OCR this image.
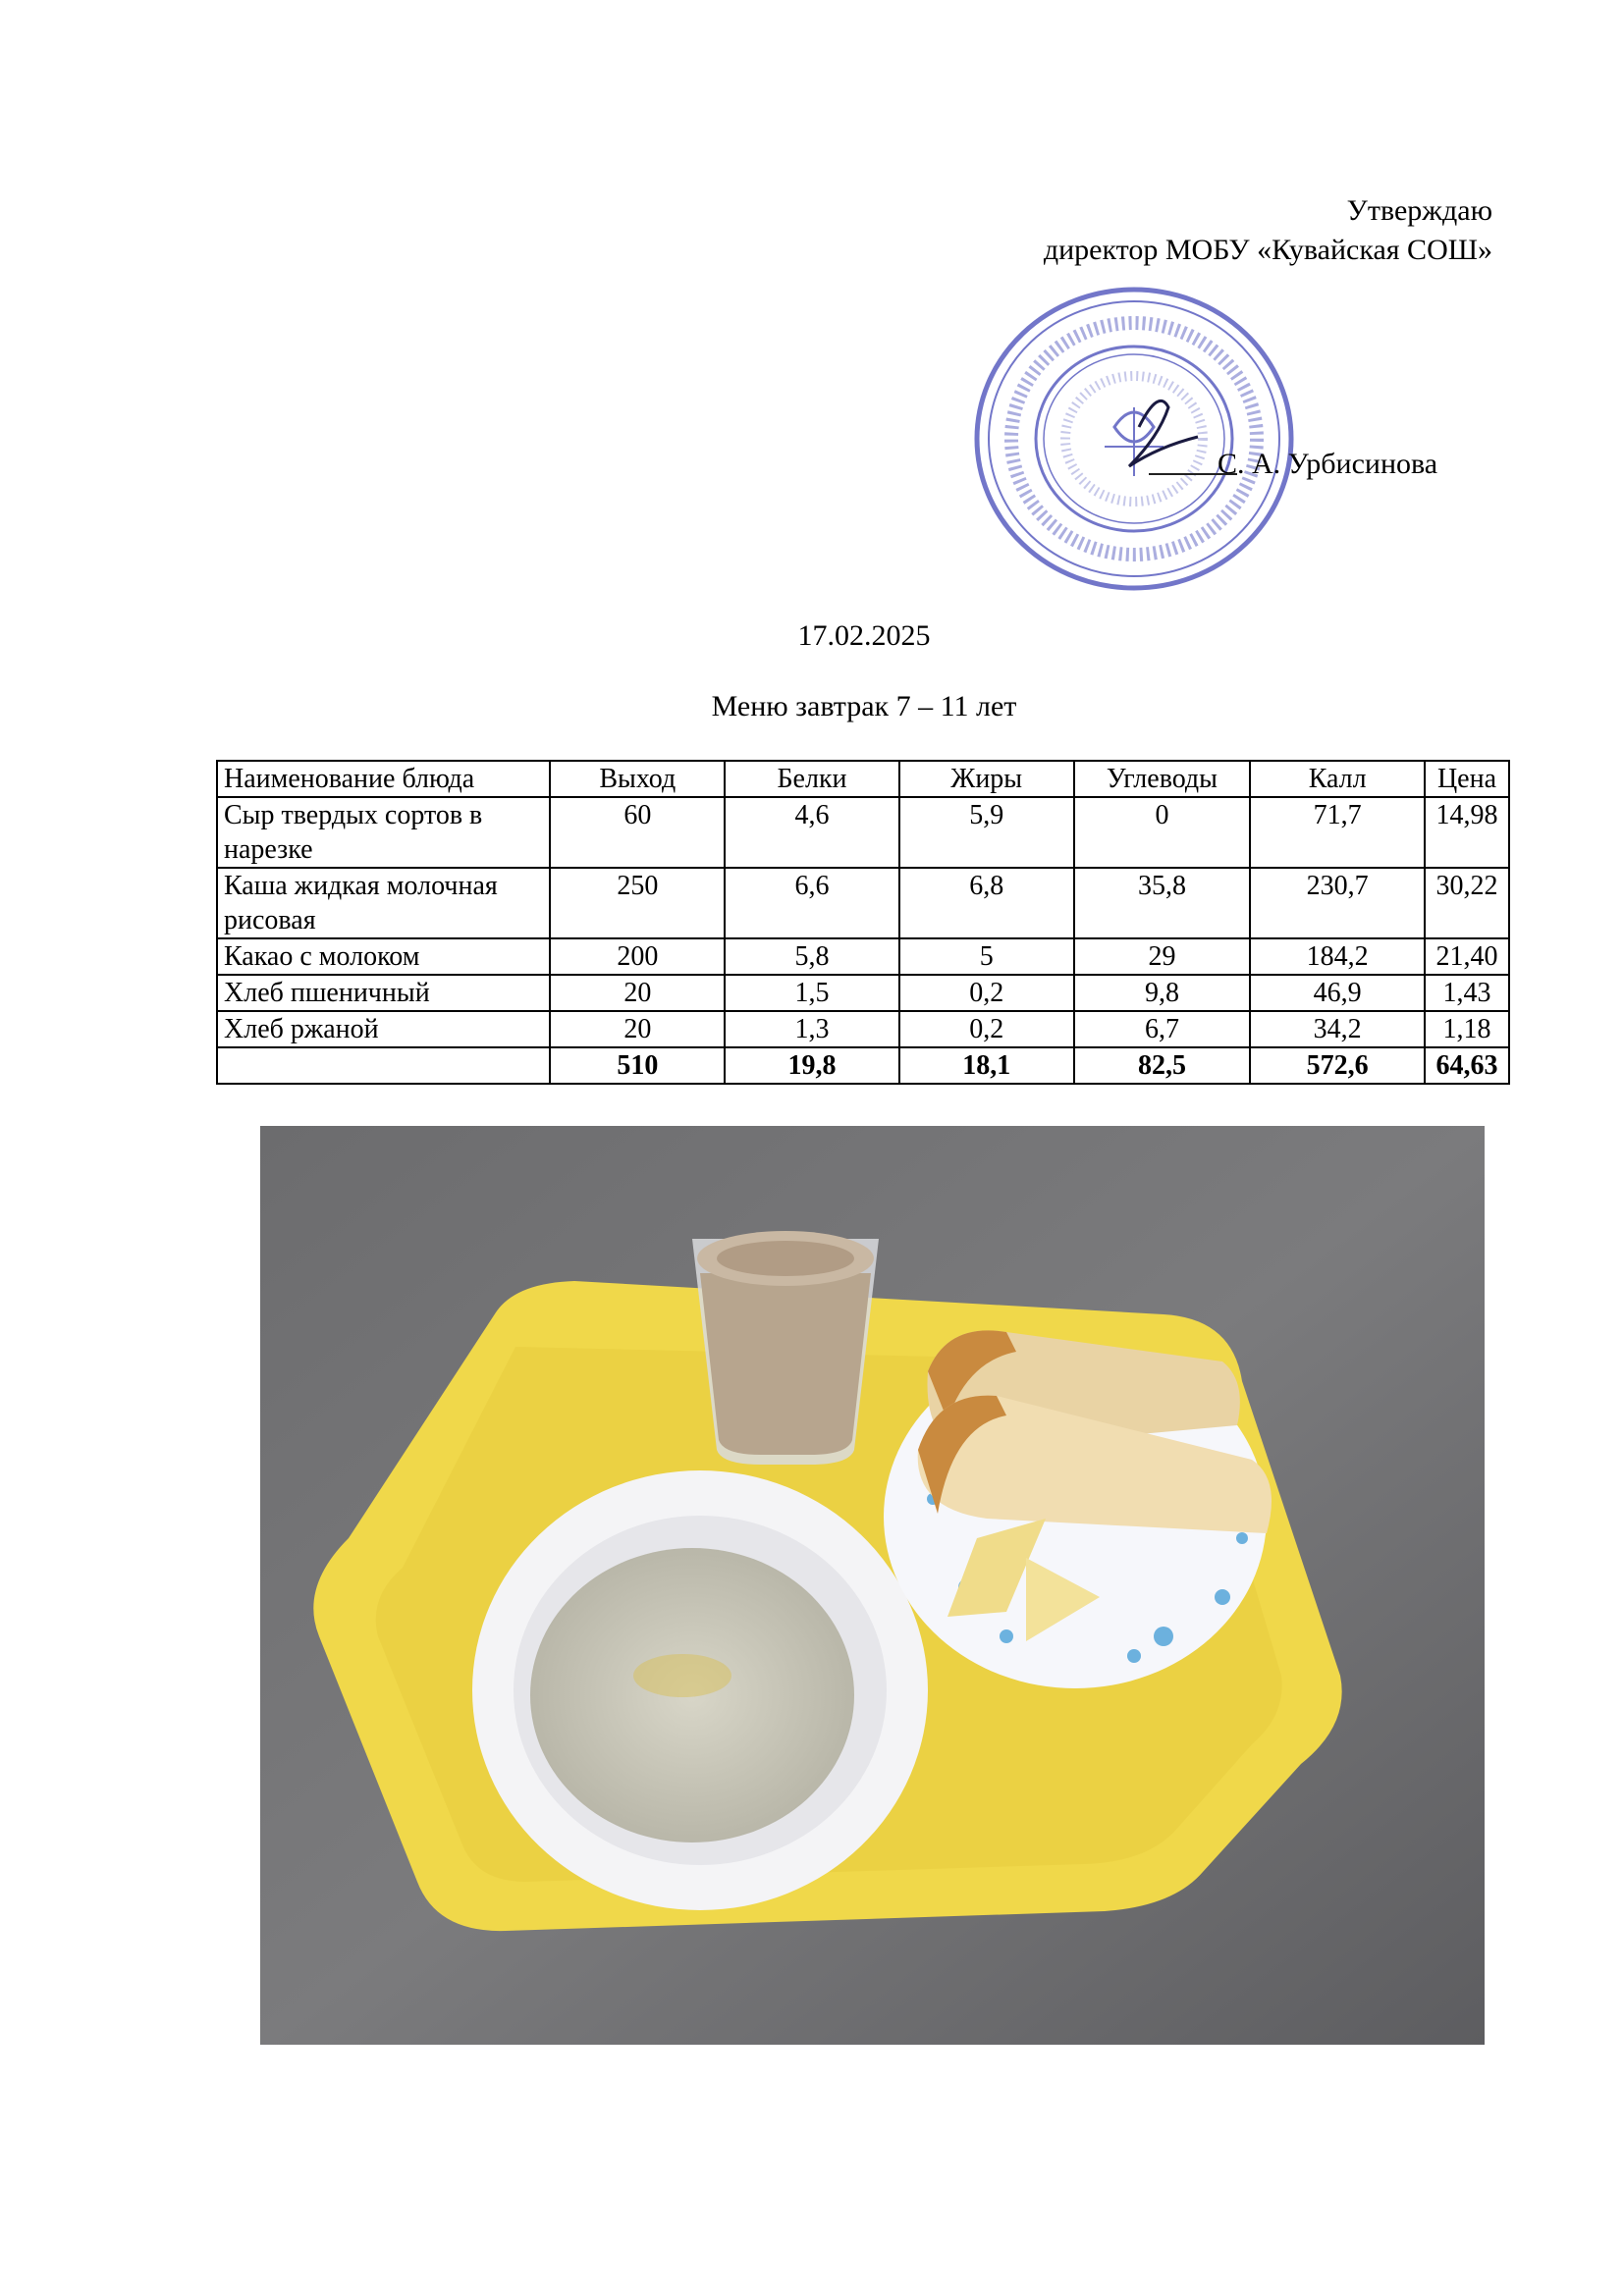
Утверждаю
директор МОБУ «Кувайская СОШ»
С. А. Урбисинова
17.02.2025
Меню завтрак 7 – 11 лет
Наименование блюда	Выход	Белки	Жиры	Углеводы	Калл	Цена
Сыр твердых сортов в нарезке	60	4,6	5,9	0	71,7	14,98
Каша жидкая молочная рисовая	250	6,6	6,8	35,8	230,7	30,22
Какао с молоком	200	5,8	5	29	184,2	21,40
Хлеб пшеничный	20	1,5	0,2	9,8	46,9	1,43
Хлеб ржаной	20	1,3	0,2	6,7	34,2	1,18
	510	19,8	18,1	82,5	572,6	64,63
